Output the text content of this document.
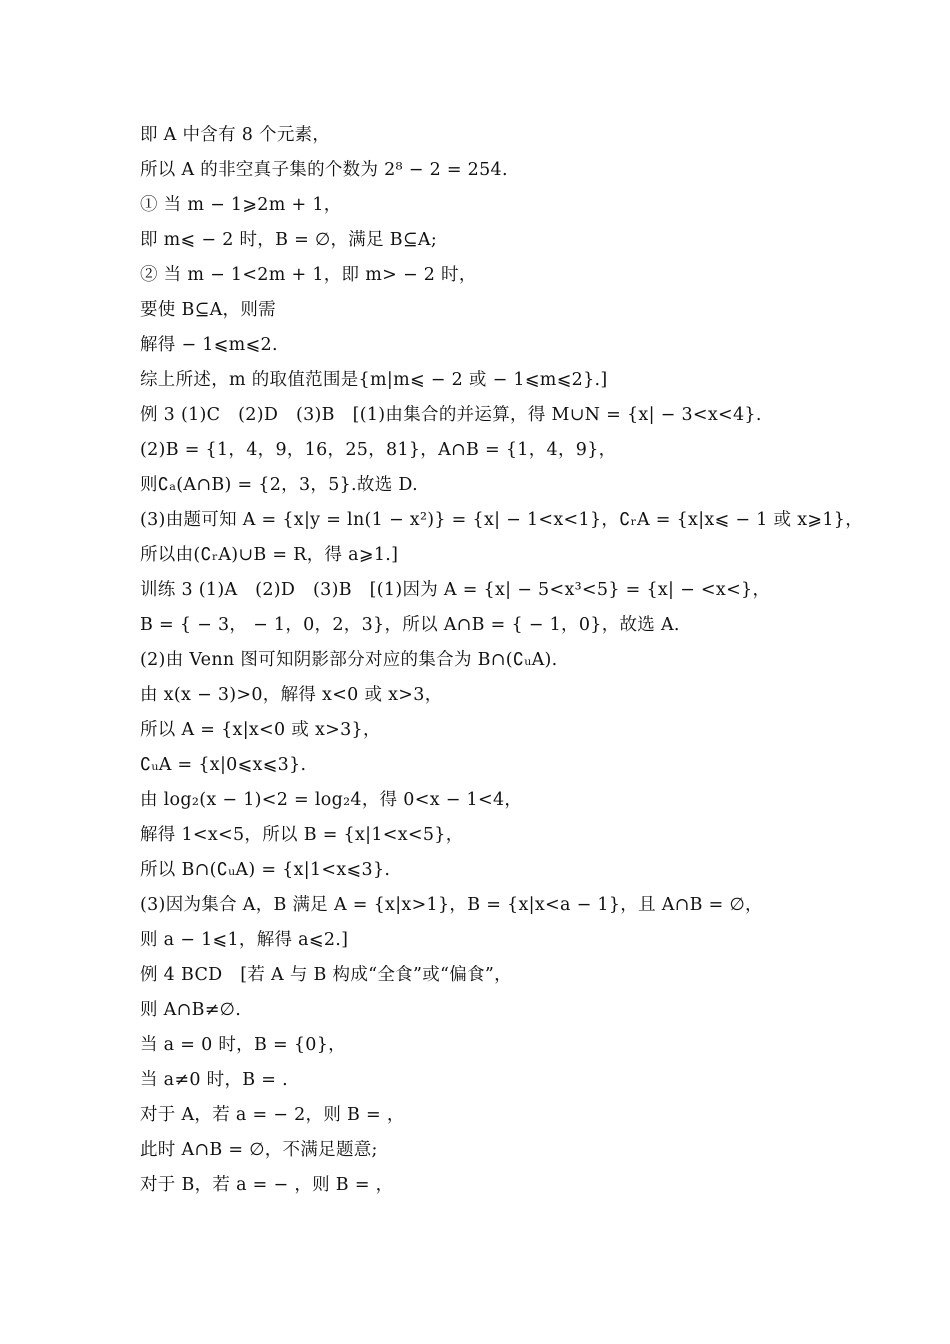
即 A 中含有 8 个元素，
所以 A 的非空真子集的个数为 2⁸ − 2 = 254.
① 当 m − 1⩾2m + 1，
即 m⩽ − 2 时，B = ∅，满足 B⊆A;
② 当 m − 1<2m + 1，即 m> − 2 时，
要使 B⊆A，则需
解得 − 1⩽m⩽2.
综上所述，m 的取值范围是{m|m⩽ − 2 或 − 1⩽m⩽2}.]
例 3 (1)C　(2)D　(3)B　[(1)由集合的并运算，得 M∪N = {x| − 3<x<4}.
(2)B = {1，4，9，16，25，81}，A∩B = {1，4，9}，
则∁ₐ(A∩B) = {2，3，5}.故选 D.
(3)由题可知 A = {x|y = ln(1 − x²)} = {x| − 1<x<1}，∁ᵣA = {x|x⩽ − 1 或 x⩾1}，
所以由(∁ᵣA)∪B = R，得 a⩾1.]
训练 3 (1)A　(2)D　(3)B　[(1)因为 A = {x| − 5<x³<5} = {x| − <x<}，
B = { − 3， − 1，0，2，3}，所以 A∩B = { − 1，0}，故选 A.
(2)由 Venn 图可知阴影部分对应的集合为 B∩(∁ᵤA).
由 x(x − 3)>0，解得 x<0 或 x>3，
所以 A = {x|x<0 或 x>3}，
∁ᵤA = {x|0⩽x⩽3}.
由 log₂(x − 1)<2 = log₂4，得 0<x − 1<4，
解得 1<x<5，所以 B = {x|1<x<5}，
所以 B∩(∁ᵤA) = {x|1<x⩽3}.
(3)因为集合 A，B 满足 A = {x|x>1}，B = {x|x<a − 1}，且 A∩B = ∅，
则 a − 1⩽1，解得 a⩽2.]
例 4 BCD　[若 A 与 B 构成“全食”或“偏食”，
则 A∩B≠∅.
当 a = 0 时，B = {0}，
当 a≠0 时，B = .
对于 A，若 a = − 2，则 B = ，
此时 A∩B = ∅，不满足题意;
对于 B，若 a = − ，则 B = ，
